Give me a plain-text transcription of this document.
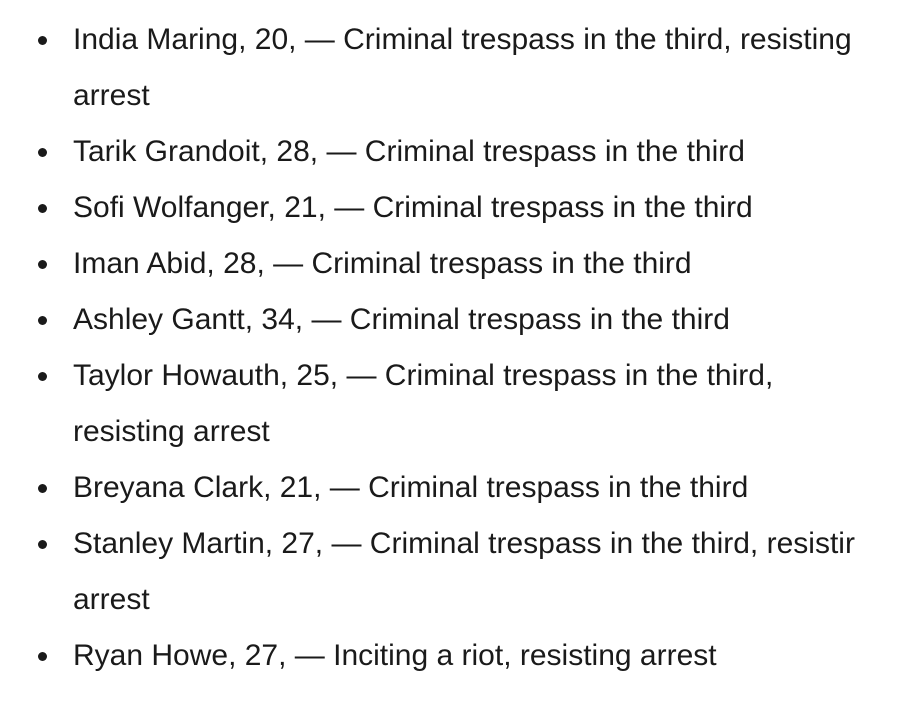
India Maring, 20, — Criminal trespass in the third, resisting
arrest
Tarik Grandoit, 28, — Criminal trespass in the third
Sofi Wolfanger, 21, — Criminal trespass in the third
Iman Abid, 28, — Criminal trespass in the third
Ashley Gantt, 34, — Criminal trespass in the third
Taylor Howauth, 25, — Criminal trespass in the third,
resisting arrest
Breyana Clark, 21, — Criminal trespass in the third
Stanley Martin, 27, — Criminal trespass in the third, resistir
arrest
Ryan Howe, 27, — Inciting a riot, resisting arrest
